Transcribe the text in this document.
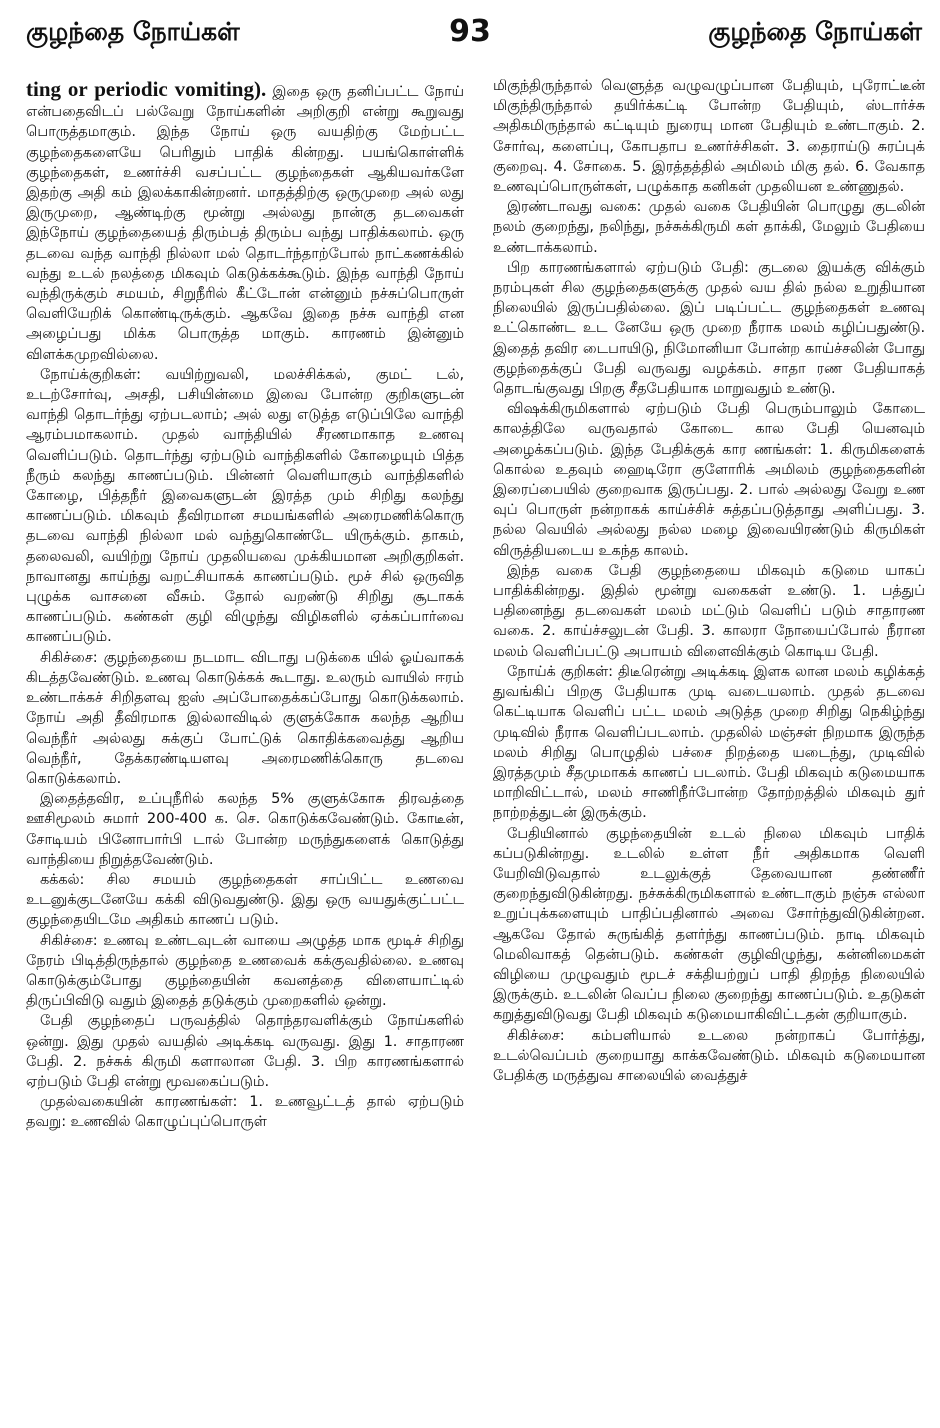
93
குழந்தை நோய்கள்	குழந்தை நோய்கள்

ting or periodic vomiting). இதை ஒரு தனிப்பட்ட நோய் என்பதைவிடப் பல்வேறு நோய்களின் அறிகுறி என்று கூறுவது பொருத்தமாகும். இந்த நோய் ஒரு வயதிற்கு மேற்பட்ட குழந்தைகளையே பெரிதும் பாதிக் கின்றது. பயங்கொள்ளிக் குழந்தைகள், உணர்ச்சி வசப்பட்ட குழந்தைகள் ஆகியவர்களே இதற்கு அதி கம் இலக்காகின்றனர். மாதத்திற்கு ஒருமுறை அல் லது இருமுறை, ஆண்டிற்கு மூன்று அல்லது நான்கு தடவைகள் இந்நோய் குழந்தையைத் திரும்பத் திரும்ப வந்து பாதிக்கலாம். ஒரு தடவை வந்த வாந்தி நில்லா மல் தொடர்ந்தாற்போல் நாட்கணக்கில் வந்து உடல் நலத்தை மிகவும் கெடுக்கக்கூடும். இந்த வாந்தி நோய் வந்திருக்கும் சமயம், சிறுநீரில் கீட்டோன் என்னும் நச்சுப்பொருள் வெளியேறிக் கொண்டிருக்கும். ஆகவே இதை நச்சு வாந்தி என அழைப்பது மிக்க பொருத்த மாகும். காரணம் இன்னும் விளக்கமுறவில்லை.

நோய்க்குறிகள்: வயிற்றுவலி, மலச்சிக்கல், குமட் டல், உடற்சோர்வு, அசதி, பசியின்மை இவை போன்ற குறிகளுடன் வாந்தி தொடர்ந்து ஏற்படலாம்; அல் லது எடுத்த எடுப்பிலே வாந்தி ஆரம்பமாகலாம். முதல் வாந்தியில் சீரணமாகாத உணவு வெளிப்படும். தொடர்ந்து ஏற்படும் வாந்திகளில் கோழையும் பித்த நீரும் கலந்து காணப்படும். பின்னர் வெளியாகும் வாந்திகளில் கோழை, பித்தநீர் இவைகளுடன் இரத்த மும் சிறிது கலந்து காணப்படும். மிகவும் தீவிரமான சமயங்களில் அரைமணிக்கொரு தடவை வாந்தி நில்லா மல் வந்துகொண்டே யிருக்கும். தாகம், தலைவலி, வயிற்று நோய் முதலியவை முக்கியமான அறிகுறிகள். நாவானது காய்ந்து வறட்சியாகக் காணப்படும். மூச் சில் ஒருவித புழுக்க வாசனை வீசும். தோல் வறண்டு சிறிது சூடாகக் காணப்படும். கண்கள் குழி விழுந்து விழிகளில் ஏக்கப்பார்வை காணப்படும்.

சிகிச்சை: குழந்தையை நடமாட விடாது படுக்கை யில் ஓய்வாகக் கிடத்தவேண்டும். உணவு கொடுக்கக் கூடாது. உலரும் வாயில் ஈரம் உண்டாக்கச் சிறிதளவு ஐஸ் அப்போதைக்கப்போது கொடுக்கலாம். நோய் அதி தீவிரமாக இல்லாவிடில் குளுக்கோசு கலந்த ஆறிய வெந்நீர் அல்லது சுக்குப் போட்டுக் கொதிக்கவைத்து ஆறிய வெந்நீர், தேக்கரண்டியளவு அரைமணிக்கொரு தடவை கொடுக்கலாம்.

இதைத்தவிர, உப்புநீரில் கலந்த 5% குளுக்கோசு திரவத்தை ஊசிமூலம் சுமார் 200-400 க. செ. கொடுக்கவேண்டும். கோடீன், சோடியம் பினோபார்பி டால் போன்ற மருந்துகளைக் கொடுத்து வாந்தியை நிறுத்தவேண்டும்.

கக்கல்: சில சமயம் குழந்தைகள் சாப்பிட்ட உணவை உடனுக்குடனேயே கக்கி விடுவதுண்டு. இது ஒரு வயதுக்குட்பட்ட குழந்தையிடமே அதிகம் காணப் படும்.

சிகிச்சை: உணவு உண்டவுடன் வாயை அழுத்த மாக மூடிச் சிறிது நேரம் பிடித்திருந்தால் குழந்தை உணவைக் கக்குவதில்லை. உணவு கொடுக்கும்போது குழந்தையின் கவனத்தை விளையாட்டில் திருப்பிவிடு வதும் இதைத் தடுக்கும் முறைகளில் ஒன்று.

பேதி குழந்தைப் பருவத்தில் தொந்தரவளிக்கும் நோய்களில் ஒன்று. இது முதல் வயதில் அடிக்கடி வருவது. இது 1. சாதாரண பேதி. 2. நச்சுக் கிருமி களாலான பேதி. 3. பிற காரணங்களால் ஏற்படும் பேதி என்று மூவகைப்படும்.

முதல்வகையின் காரணங்கள்: 1. உணவூட்டத் தால் ஏற்படும் தவறு: உணவில் கொழுப்புப்பொருள்

மிகுந்திருந்தால் வெளுத்த வழுவழுப்பான பேதியும், புரோட்டீன் மிகுந்திருந்தால் தயிர்க்கட்டி போன்ற பேதியும், ஸ்டார்ச்சு அதிகமிருந்தால் கட்டியும் நுரையு மான பேதியும் உண்டாகும். 2. சோர்வு, களைப்பு, கோபதாப உணர்ச்சிகள். 3. தைராய்டு சுரப்புக் குறைவு. 4. சோகை. 5. இரத்தத்தில் அமிலம் மிகு தல். 6. வேகாத உணவுப்பொருள்கள், பழுக்காத கனிகள் முதலியன உண்ணுதல்.

இரண்டாவது வகை: முதல் வகை பேதியின் பொழுது குடலின் நலம் குறைந்து, நலிந்து, நச்சுக்கிருமி கள் தாக்கி, மேலும் பேதியை உண்டாக்கலாம்.

பிற காரணங்களால் ஏற்படும் பேதி: குடலை இயக்கு விக்கும் நரம்புகள் சில குழந்தைகளுக்கு முதல் வய தில் நல்ல உறுதியான நிலையில் இருப்பதில்லை. இப் படிப்பட்ட குழந்தைகள் உணவு உட்கொண்ட உட னேயே ஒரு முறை நீராக மலம் கழிப்பதுண்டு. இதைத் தவிர டைபாயிடு, நிமோனியா போன்ற காய்ச்சலின் போது குழந்தைக்குப் பேதி வருவது வழக்கம். சாதா ரண பேதியாகத் தொடங்குவது பிறகு சீதபேதியாக மாறுவதும் உண்டு.

விஷக்கிருமிகளால் ஏற்படும் பேதி பெரும்பாலும் கோடை காலத்திலே வருவதால் கோடை கால பேதி யெனவும் அழைக்கப்படும். இந்த பேதிக்குக் கார ணங்கள்: 1. கிருமிகளைக் கொல்ல உதவும் ஹைடிரோ குளோரிக் அமிலம் குழந்தைகளின் இரைப்பையில் குறைவாக இருப்பது. 2. பால் அல்லது வேறு உண வுப் பொருள் நன்றாகக் காய்ச்சிச் சுத்தப்படுத்தாது அளிப்பது. 3. நல்ல வெயில் அல்லது நல்ல மழை இவையிரண்டும் கிருமிகள் விருத்தியடைய உகந்த காலம்.

இந்த வகை பேதி குழந்தையை மிகவும் கடுமை யாகப் பாதிக்கின்றது. இதில் மூன்று வகைகள் உண்டு. 1. பத்துப் பதினைந்து தடவைகள் மலம் மட்டும் வெளிப் படும் சாதாரண வகை. 2. காய்ச்சலுடன் பேதி. 3. காலரா நோயைப்போல் நீரான மலம் வெளிப்பட்டு அபாயம் விளைவிக்கும் கொடிய பேதி.

நோய்க் குறிகள்: திடீரென்று அடிக்கடி இளக லான மலம் கழிக்கத் துவங்கிப் பிறகு பேதியாக முடி வடையலாம். முதல் தடவை கெட்டியாக வெளிப் பட்ட மலம் அடுத்த முறை சிறிது நெகிழ்ந்து முடிவில் நீராக வெளிப்படலாம். முதலில் மஞ்சள் நிறமாக இருந்த மலம் சிறிது பொழுதில் பச்சை நிறத்தை யடைந்து, முடிவில் இரத்தமும் சீதமுமாகக் காணப் படலாம். பேதி மிகவும் கடுமையாக மாறிவிட்டால், மலம் சாணிநீர்போன்ற தோற்றத்தில் மிகவும் துர் நாற்றத்துடன் இருக்கும்.

பேதியினால் குழந்தையின் உடல் நிலை மிகவும் பாதிக் கப்படுகின்றது. உடலில் உள்ள நீர் அதிகமாக வெளி யேறிவிடுவதால் உடலுக்குத் தேவையான தண்ணீர் குறைந்துவிடுகின்றது. நச்சுக்கிருமிகளால் உண்டாகும் நஞ்சு எல்லா உறுப்புக்களையும் பாதிப்பதினால் அவை சோர்ந்துவிடுகின்றன. ஆகவே தோல் சுருங்கித் தளர்ந்து காணப்படும். நாடி மிகவும் மெலிவாகத் தென்படும். கண்கள் குழிவிழுந்து, கன்னிமைகள் விழியை முழுவதும் மூடச் சக்தியற்றுப் பாதி திறந்த நிலையில் இருக்கும். உடலின் வெப்ப நிலை குறைந்து காணப்படும். உதடுகள் கறுத்துவிடுவது பேதி மிகவும் கடுமையாகிவிட்டதன் குறியாகும்.

சிகிச்சை: கம்பளியால் உடலை நன்றாகப் போர்த்து, உடல்வெப்பம் குறையாது காக்கவேண்டும். மிகவும் கடுமையான பேதிக்கு மருத்துவ சாலையில் வைத்துச்
